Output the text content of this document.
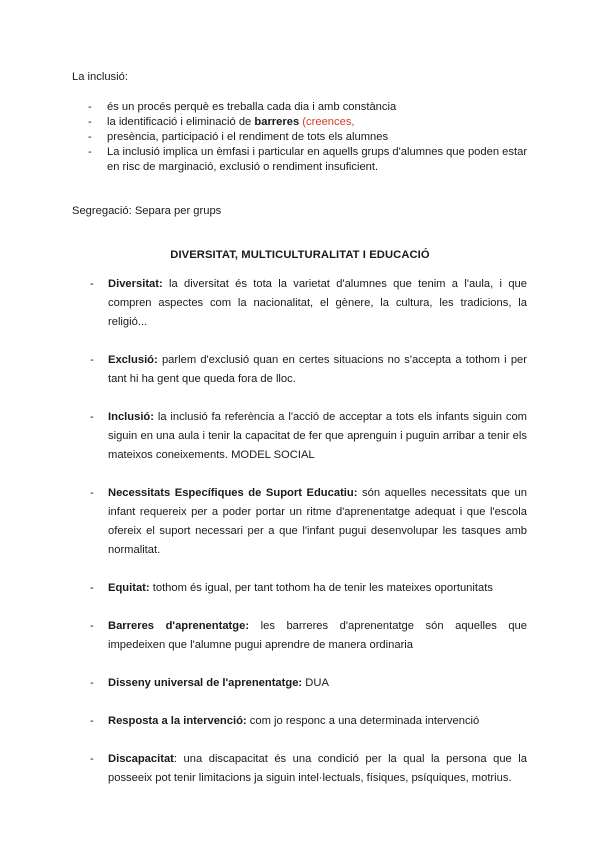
La inclusió:
- és un procés perquè es treballa cada dia i amb constància
- la identificació i eliminació de barreres (creences,
- presència, participació i el rendiment de tots els alumnes
- La inclusió implica un èmfasi i particular en aquells grups d'alumnes que poden estar en risc de marginació, exclusió o rendiment insuficient.
Segregació: Separa per grups
DIVERSITAT, MULTICULTURALITAT I EDUCACIÓ
- Diversitat: la diversitat és tota la varietat d'alumnes que tenim a l'aula, i que compren aspectes com la nacionalitat, el gènere, la cultura, les tradicions, la religió...
- Exclusió: parlem d'exclusió quan en certes situacions no s'accepta a tothom i per tant hi ha gent que queda fora de lloc.
- Inclusió: la inclusió fa referència a l'acció de acceptar a tots els infants siguin com siguin en una aula i tenir la capacitat de fer que aprenguin i puguin arribar a tenir els mateixos coneixements. MODEL SOCIAL
- Necessitats Específiques de Suport Educatiu: són aquelles necessitats que un infant requereix per a poder portar un ritme d'aprenentatge adequat i que l'escola ofereix el suport necessari per a que l'infant pugui desenvolupar les tasques amb normalitat.
- Equitat: tothom és igual, per tant tothom ha de tenir les mateixes oportunitats
- Barreres d'aprenentatge: les barreres d'aprenentatge són aquelles que impedeixen que l'alumne pugui aprendre de manera ordinaria
- Disseny universal de l'aprenentatge: DUA
- Resposta a la intervenció: com jo responc a una determinada intervenció
- Discapacitat: una discapacitat és una condició per la qual la persona que la posseeix pot tenir limitacions ja siguin intel·lectuals, físiques, psíquiques, motrius.
